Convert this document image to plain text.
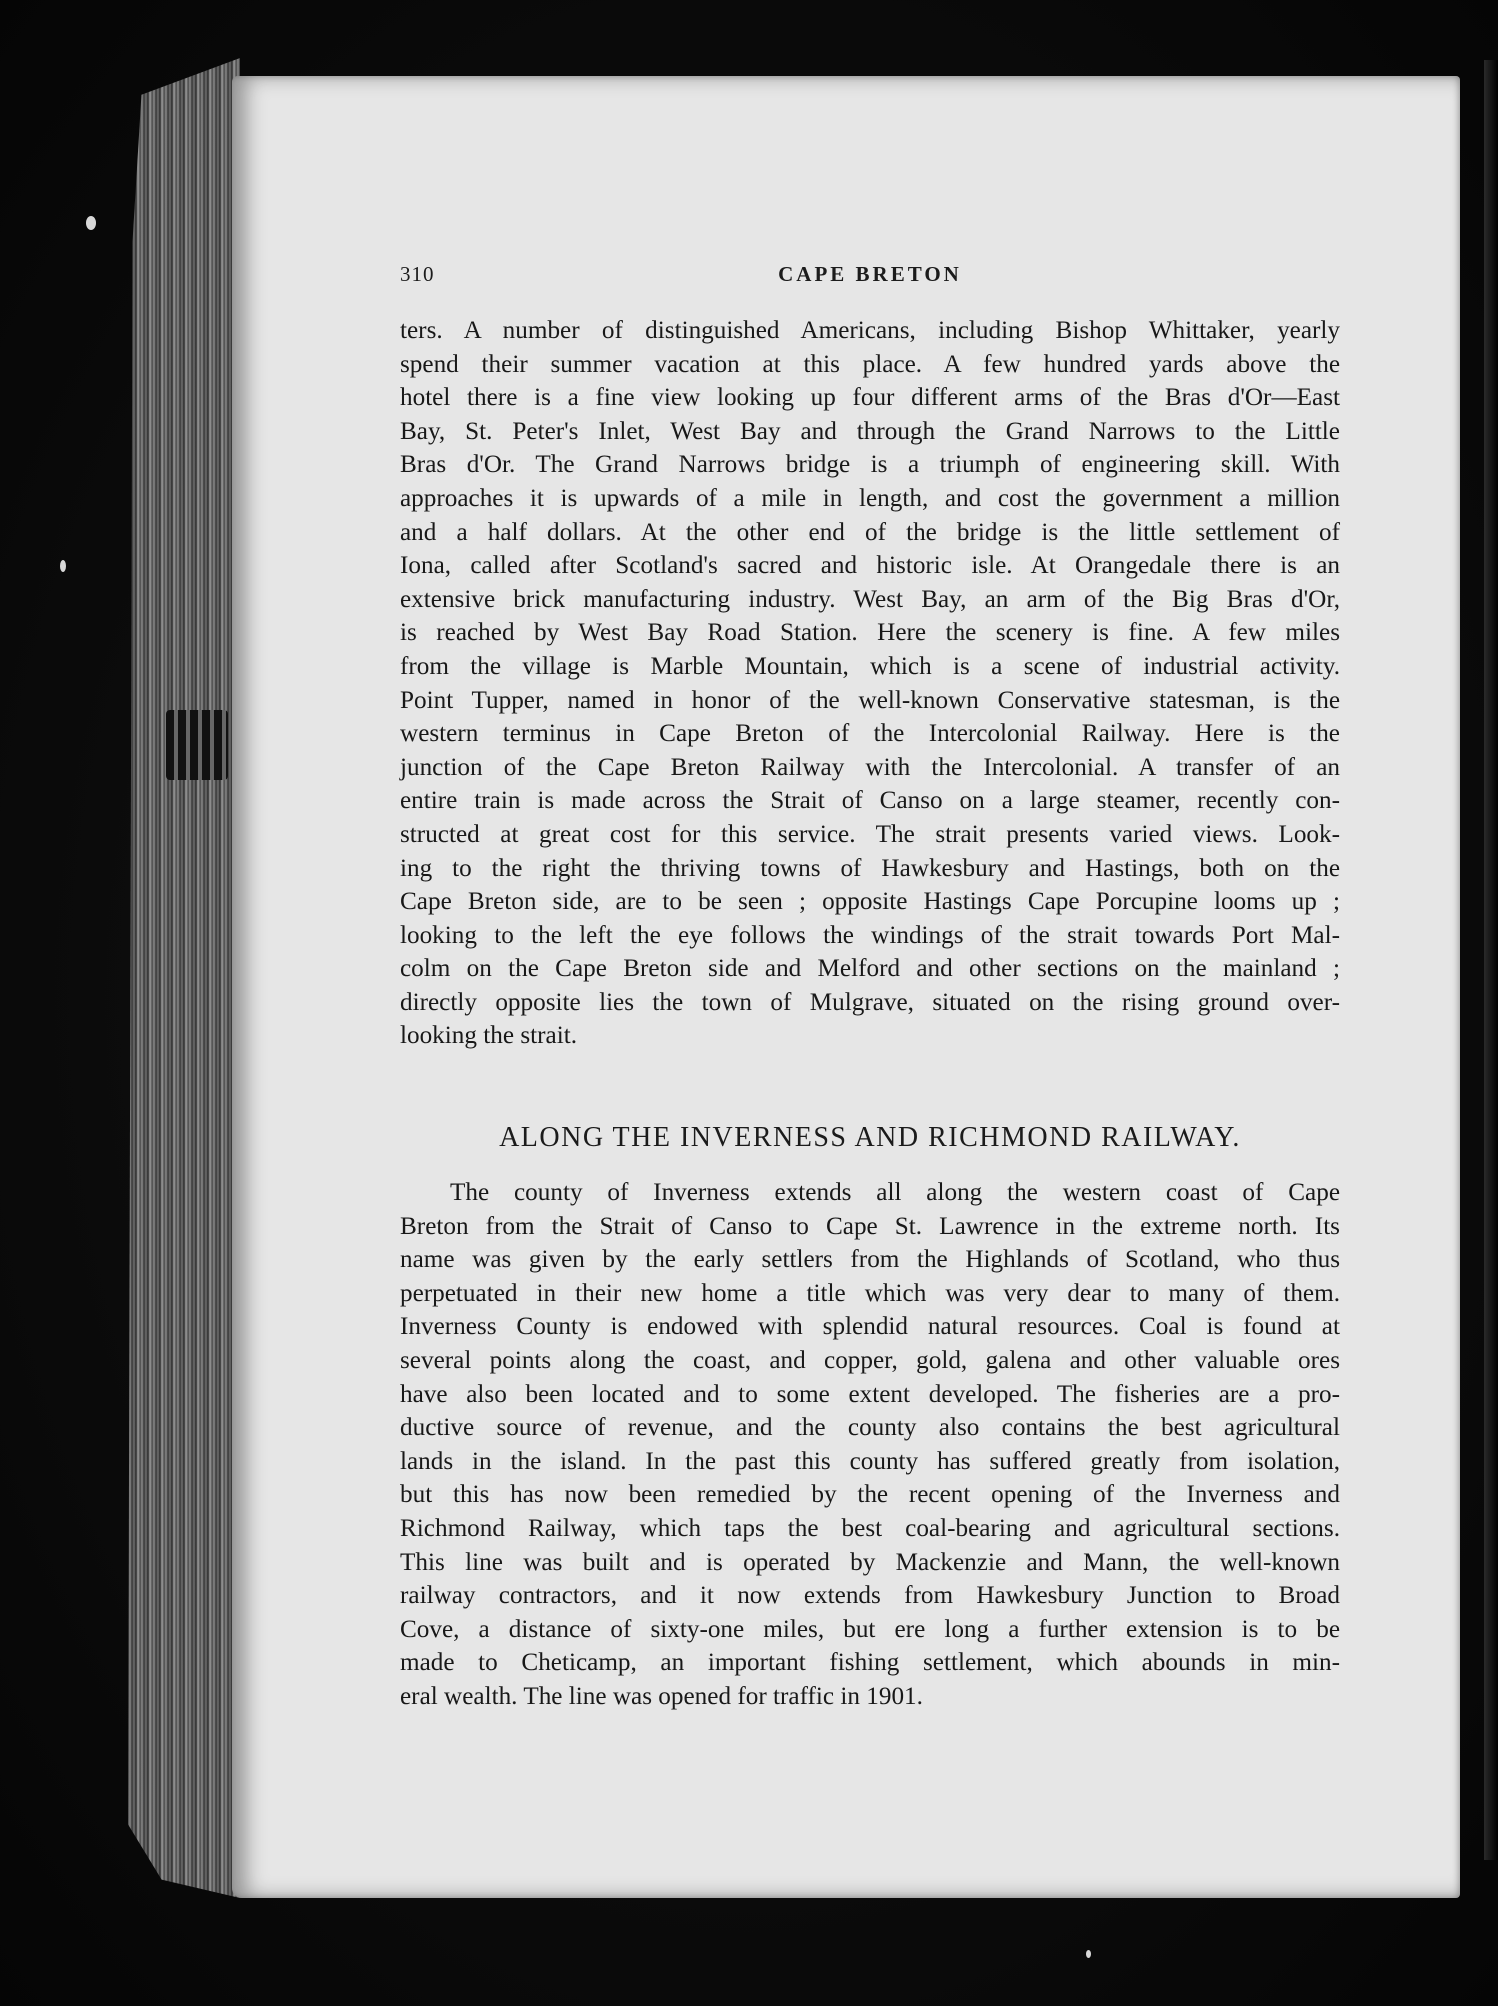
310	CAPE BRETON

ters. A number of distinguished Americans, including Bishop Whittaker, yearly

spend their summer vacation at this place. A few hundred yards above the

hotel there is a fine view looking up four different arms of the Bras d'Or—East

Bay, St. Peter's Inlet, West Bay and through the Grand Narrows to the Little

Bras d'Or. The Grand Narrows bridge is a triumph of engineering skill. With

approaches it is upwards of a mile in length, and cost the government a million

and a half dollars. At the other end of the bridge is the little settlement of

Iona, called after Scotland's sacred and historic isle. At Orangedale there is an

extensive brick manufacturing industry. West Bay, an arm of the Big Bras d'Or,

is reached by West Bay Road Station. Here the scenery is fine. A few miles

from the village is Marble Mountain, which is a scene of industrial activity.

Point Tupper, named in honor of the well-known Conservative statesman, is the

western terminus in Cape Breton of the Intercolonial Railway. Here is the

junction of the Cape Breton Railway with the Intercolonial. A transfer of an

entire train is made across the Strait of Canso on a large steamer, recently con-

structed at great cost for this service. The strait presents varied views. Look-

ing to the right the thriving towns of Hawkesbury and Hastings, both on the

Cape Breton side, are to be seen ; opposite Hastings Cape Porcupine looms up ;

looking to the left the eye follows the windings of the strait towards Port Mal-

colm on the Cape Breton side and Melford and other sections on the mainland ;

directly opposite lies the town of Mulgrave, situated on the rising ground over-

looking the strait.

ALONG THE INVERNESS AND RICHMOND RAILWAY.

The county of Inverness extends all along the western coast of Cape

Breton from the Strait of Canso to Cape St. Lawrence in the extreme north. Its

name was given by the early settlers from the Highlands of Scotland, who thus

perpetuated in their new home a title which was very dear to many of them.

Inverness County is endowed with splendid natural resources. Coal is found at

several points along the coast, and copper, gold, galena and other valuable ores

have also been located and to some extent developed. The fisheries are a pro-

ductive source of revenue, and the county also contains the best agricultural

lands in the island. In the past this county has suffered greatly from isolation,

but this has now been remedied by the recent opening of the Inverness and

Richmond Railway, which taps the best coal-bearing and agricultural sections.

This line was built and is operated by Mackenzie and Mann, the well-known

railway contractors, and it now extends from Hawkesbury Junction to Broad

Cove, a distance of sixty-one miles, but ere long a further extension is to be

made to Cheticamp, an important fishing settlement, which abounds in min-

eral wealth. The line was opened for traffic in 1901.
